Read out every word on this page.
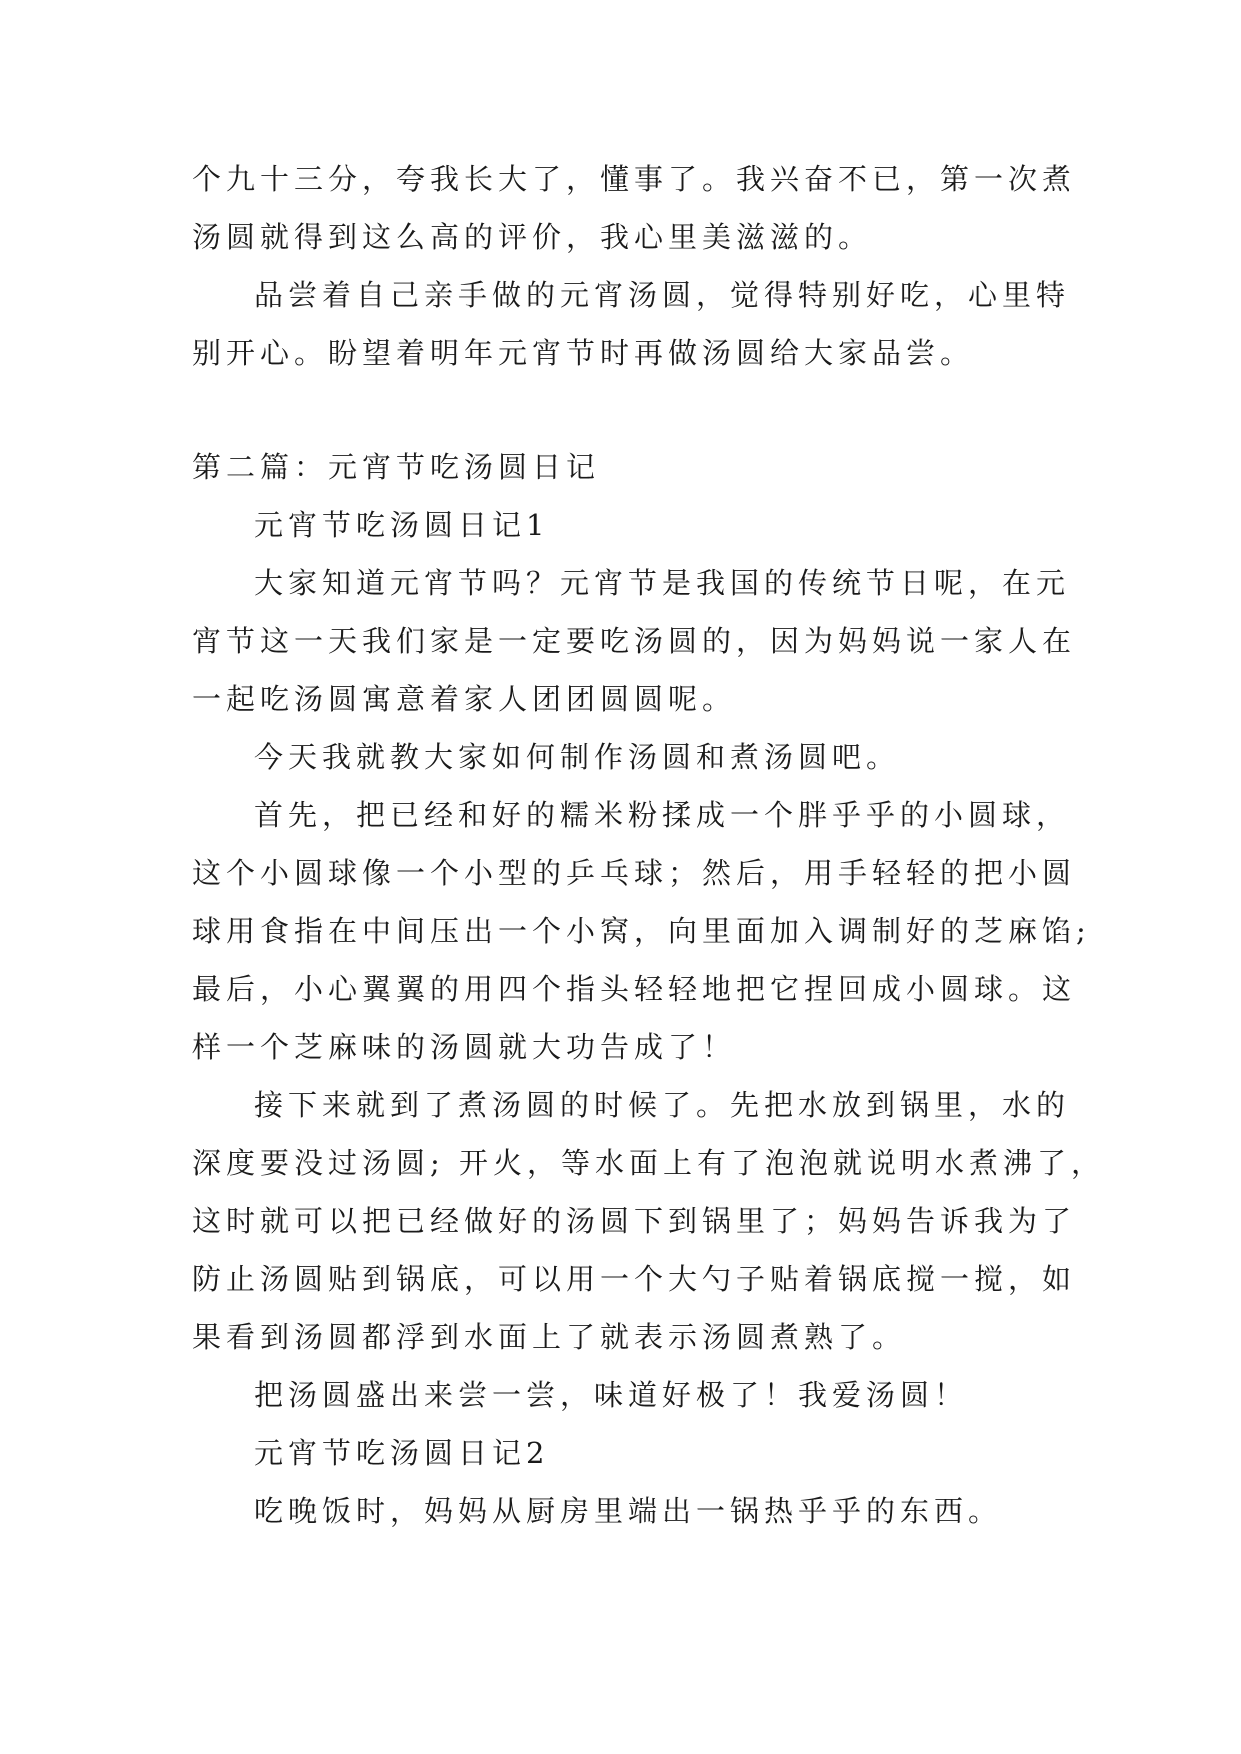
个九十三分，夸我长大了，懂事了。我兴奋不已，第一次煮
汤圆就得到这么高的评价，我心里美滋滋的。
品尝着自己亲手做的元宵汤圆，觉得特别好吃，心里特
别开心。盼望着明年元宵节时再做汤圆给大家品尝。
第二篇：元宵节吃汤圆日记
元宵节吃汤圆日记1
大家知道元宵节吗？元宵节是我国的传统节日呢，在元
宵节这一天我们家是一定要吃汤圆的，因为妈妈说一家人在
一起吃汤圆寓意着家人团团圆圆呢。
今天我就教大家如何制作汤圆和煮汤圆吧。
首先，把已经和好的糯米粉揉成一个胖乎乎的小圆球，
这个小圆球像一个小型的乒乓球；然后，用手轻轻的把小圆
球用食指在中间压出一个小窝，向里面加入调制好的芝麻馅;
最后，小心翼翼的用四个指头轻轻地把它捏回成小圆球。这
样一个芝麻味的汤圆就大功告成了！
接下来就到了煮汤圆的时候了。先把水放到锅里，水的
深度要没过汤圆; 开火，等水面上有了泡泡就说明水煮沸了，
这时就可以把已经做好的汤圆下到锅里了；妈妈告诉我为了
防止汤圆贴到锅底，可以用一个大勺子贴着锅底搅一搅，如
果看到汤圆都浮到水面上了就表示汤圆煮熟了。
把汤圆盛出来尝一尝，味道好极了！我爱汤圆！
元宵节吃汤圆日记2
吃晚饭时，妈妈从厨房里端出一锅热乎乎的东西。
